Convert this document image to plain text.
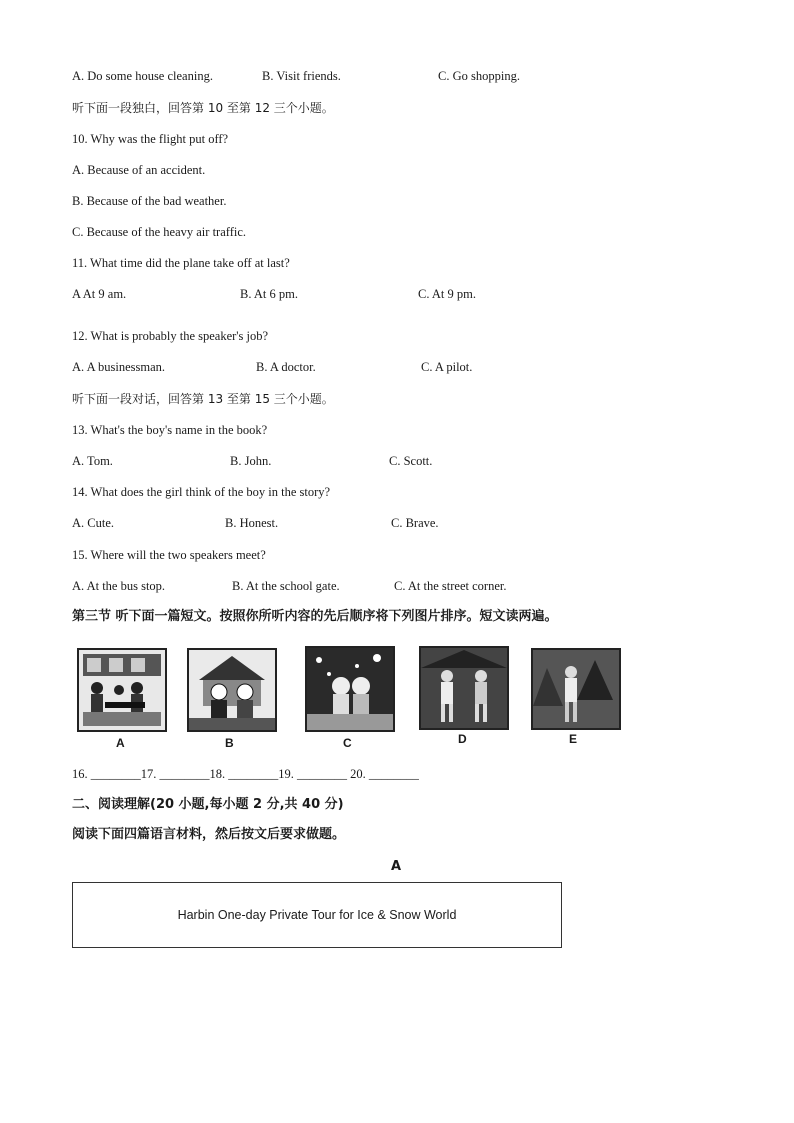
A. Do some house cleaning.	B. Visit friends.	C. Go shopping.
听下面一段独白，回答第 10 至第 12 三个小题。
10. Why was the flight put off?
A. Because of an accident.
B. Because of the bad weather.
C. Because of the heavy air traffic.
11. What time did the plane take off at last?
A At 9 am.	B. At 6 pm.	C. At 9 pm.
12. What is probably the speaker's job?
A. A businessman.	B. A doctor.	C. A pilot.
听下面一段对话，回答第 13 至第 15 三个小题。
13. What's the boy's name in the book?
A. Tom.	B. John.	C. Scott.
14. What does the girl think of the boy in the story?
A. Cute.	B. Honest.	C. Brave.
15. Where will the two speakers meet?
A. At the bus stop.	B. At the school gate.	C. At the street corner.
第三节 听下面一篇短文。按照你所听内容的先后顺序将下列图片排序。短文读两遍。
A	B	C	D	E
16. ________17. ________18. ________19. ________ 20. ________
二、阅读理解(20 小题,每小题 2 分,共 40 分)
阅读下面四篇语言材料，然后按文后要求做题。
A
Harbin One-day Private Tour for Ice & Snow World
